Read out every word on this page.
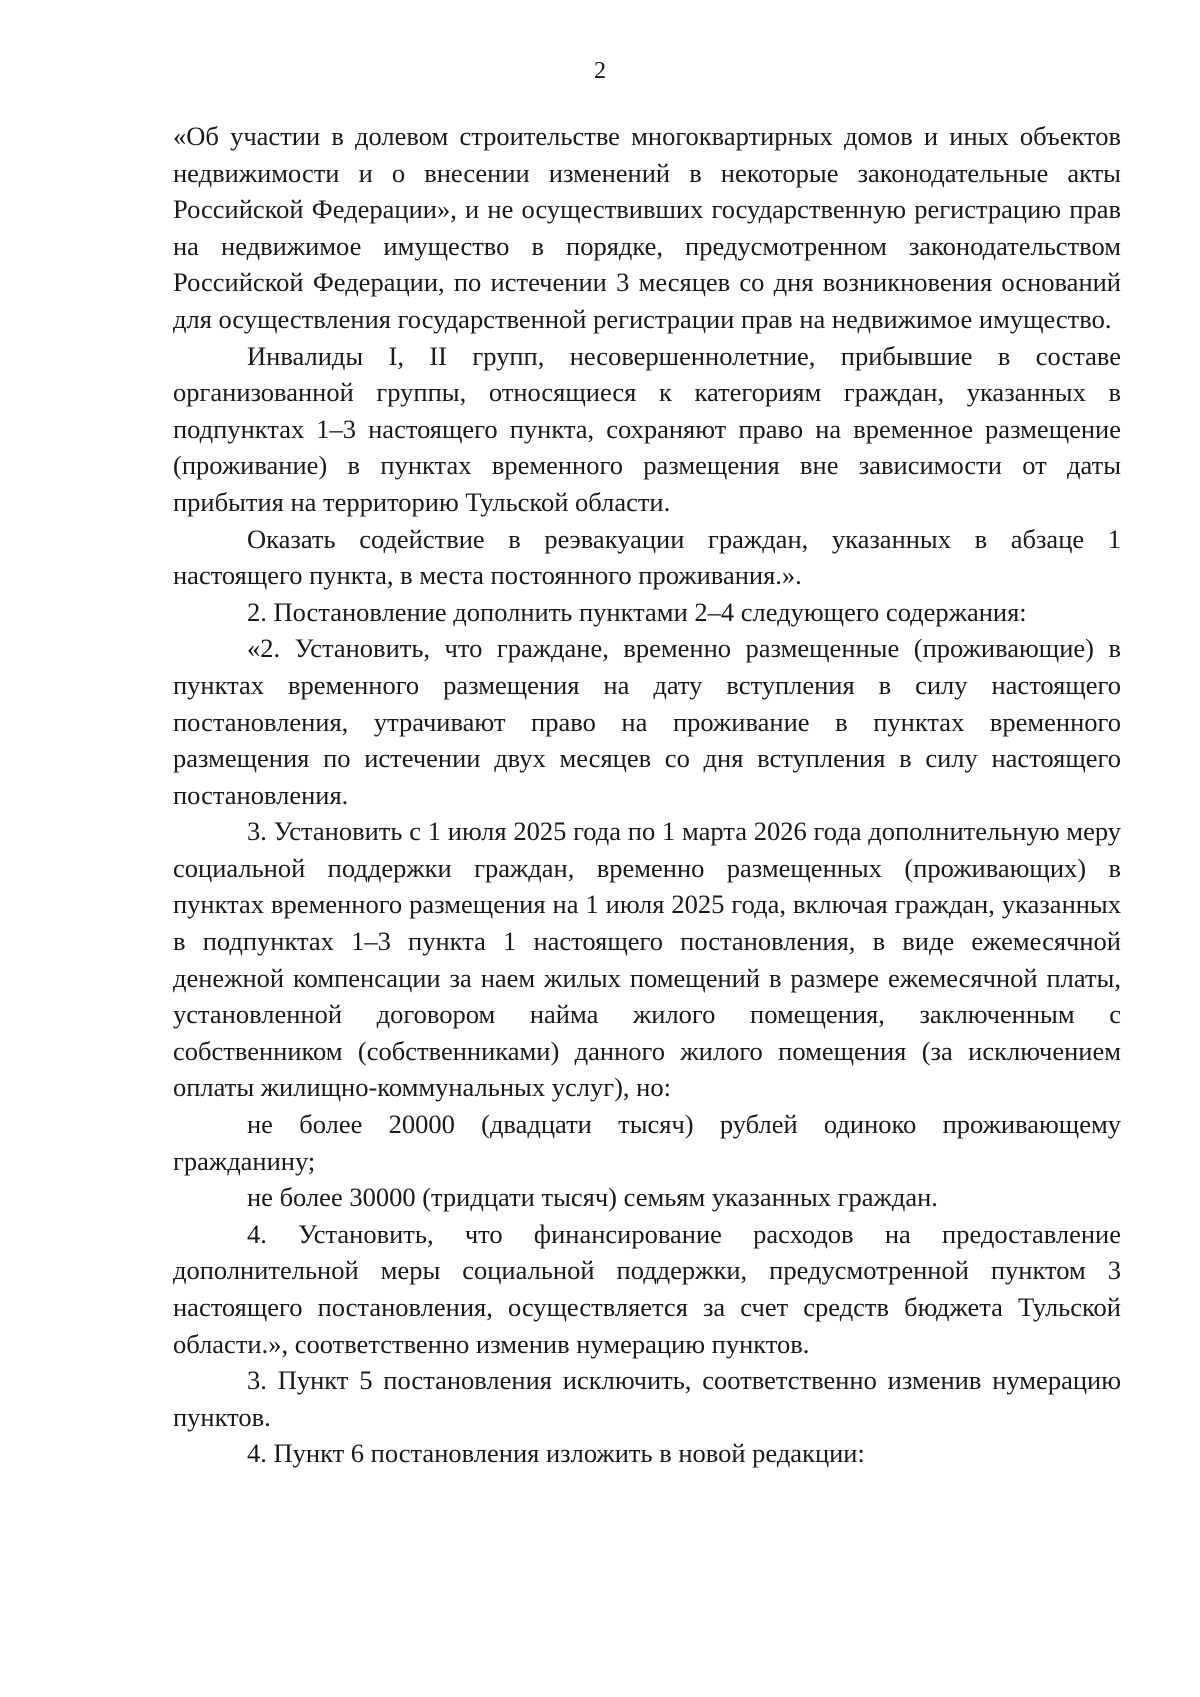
2

«Об участии в долевом строительстве многоквартирных домов и иных объектов недвижимости и о внесении изменений в некоторые законодательные акты Российской Федерации», и не осуществивших государственную регистрацию прав на недвижимое имущество в порядке, предусмотренном законодательством Российской Федерации, по истечении 3 месяцев со дня возникновения оснований для осуществления государственной регистрации прав на недвижимое имущество.

Инвалиды I, II групп, несовершеннолетние, прибывшие в составе организованной группы, относящиеся к категориям граждан, указанных в подпунктах 1–3 настоящего пункта, сохраняют право на временное размещение (проживание) в пунктах временного размещения вне зависимости от даты прибытия на территорию Тульской области.

Оказать содействие в реэвакуации граждан, указанных в абзаце 1 настоящего пункта, в места постоянного проживания.».

2. Постановление дополнить пунктами 2–4 следующего содержания:

«2. Установить, что граждане, временно размещенные (проживающие) в пунктах временного размещения на дату вступления в силу настоящего постановления, утрачивают право на проживание в пунктах временного размещения по истечении двух месяцев со дня вступления в силу настоящего постановления.

3. Установить с 1 июля 2025 года по 1 марта 2026 года дополнительную меру социальной поддержки граждан, временно размещенных (проживающих) в пунктах временного размещения на 1 июля 2025 года, включая граждан, указанных в подпунктах 1–3 пункта 1 настоящего постановления, в виде ежемесячной денежной компенсации за наем жилых помещений в размере ежемесячной платы, установленной договором найма жилого помещения, заключенным с собственником (собственниками) данного жилого помещения (за исключением оплаты жилищно-коммунальных услуг), но:

не более 20000 (двадцати тысяч) рублей одиноко проживающему гражданину;

не более 30000 (тридцати тысяч) семьям указанных граждан.

4. Установить, что финансирование расходов на предоставление дополнительной меры социальной поддержки, предусмотренной пунктом 3 настоящего постановления, осуществляется за счет средств бюджета Тульской области.», соответственно изменив нумерацию пунктов.

3. Пункт 5 постановления исключить, соответственно изменив нумерацию пунктов.

4. Пункт 6 постановления изложить в новой редакции:
